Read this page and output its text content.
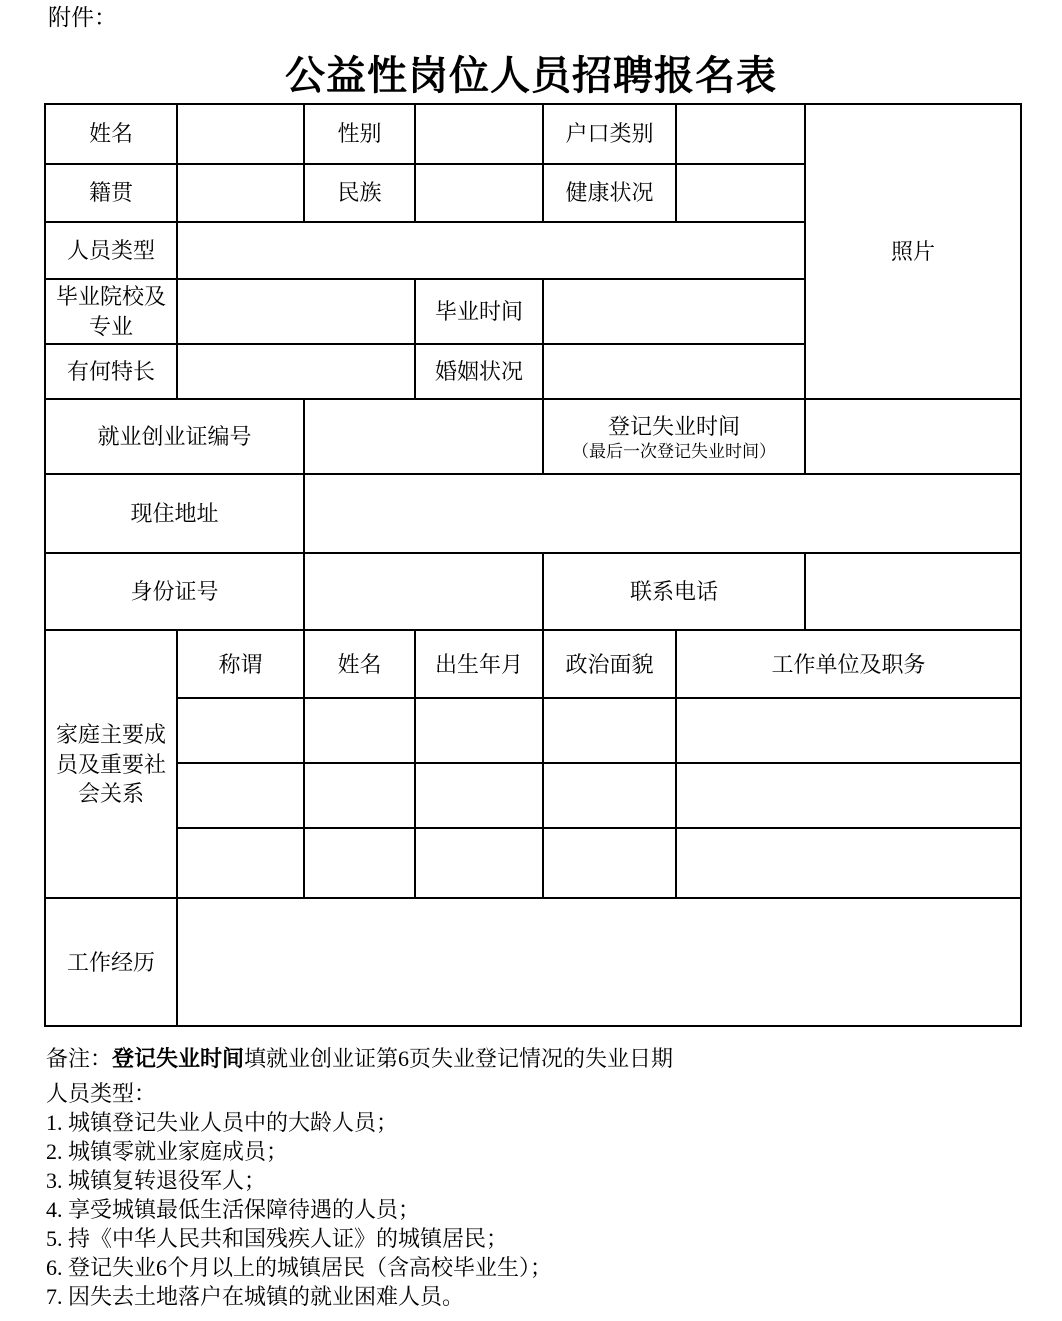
附件：
公益性岗位人员招聘报名表
姓名		性别		户口类别		照片
籍贯		民族		健康状况		
人员类型						
毕业院校及专业			毕业时间			
有何特长			婚姻状况			
就业创业证编号				登记失业时间
（最后一次登记失业时间）		

现住地址						
身份证号				联系电话		
家庭主要成员及重要社会关系	称谓	姓名	出生年月	政治面貌	工作单位及职务	

工作经历						
备注：登记失业时间填就业创业证第6页失业登记情况的失业日期
人员类型：
1. 城镇登记失业人员中的大龄人员；
2. 城镇零就业家庭成员；
3. 城镇复转退役军人；
4. 享受城镇最低生活保障待遇的人员；
5. 持《中华人民共和国残疾人证》的城镇居民；
6. 登记失业6个月以上的城镇居民（含高校毕业生）；
7. 因失去土地落户在城镇的就业困难人员。
